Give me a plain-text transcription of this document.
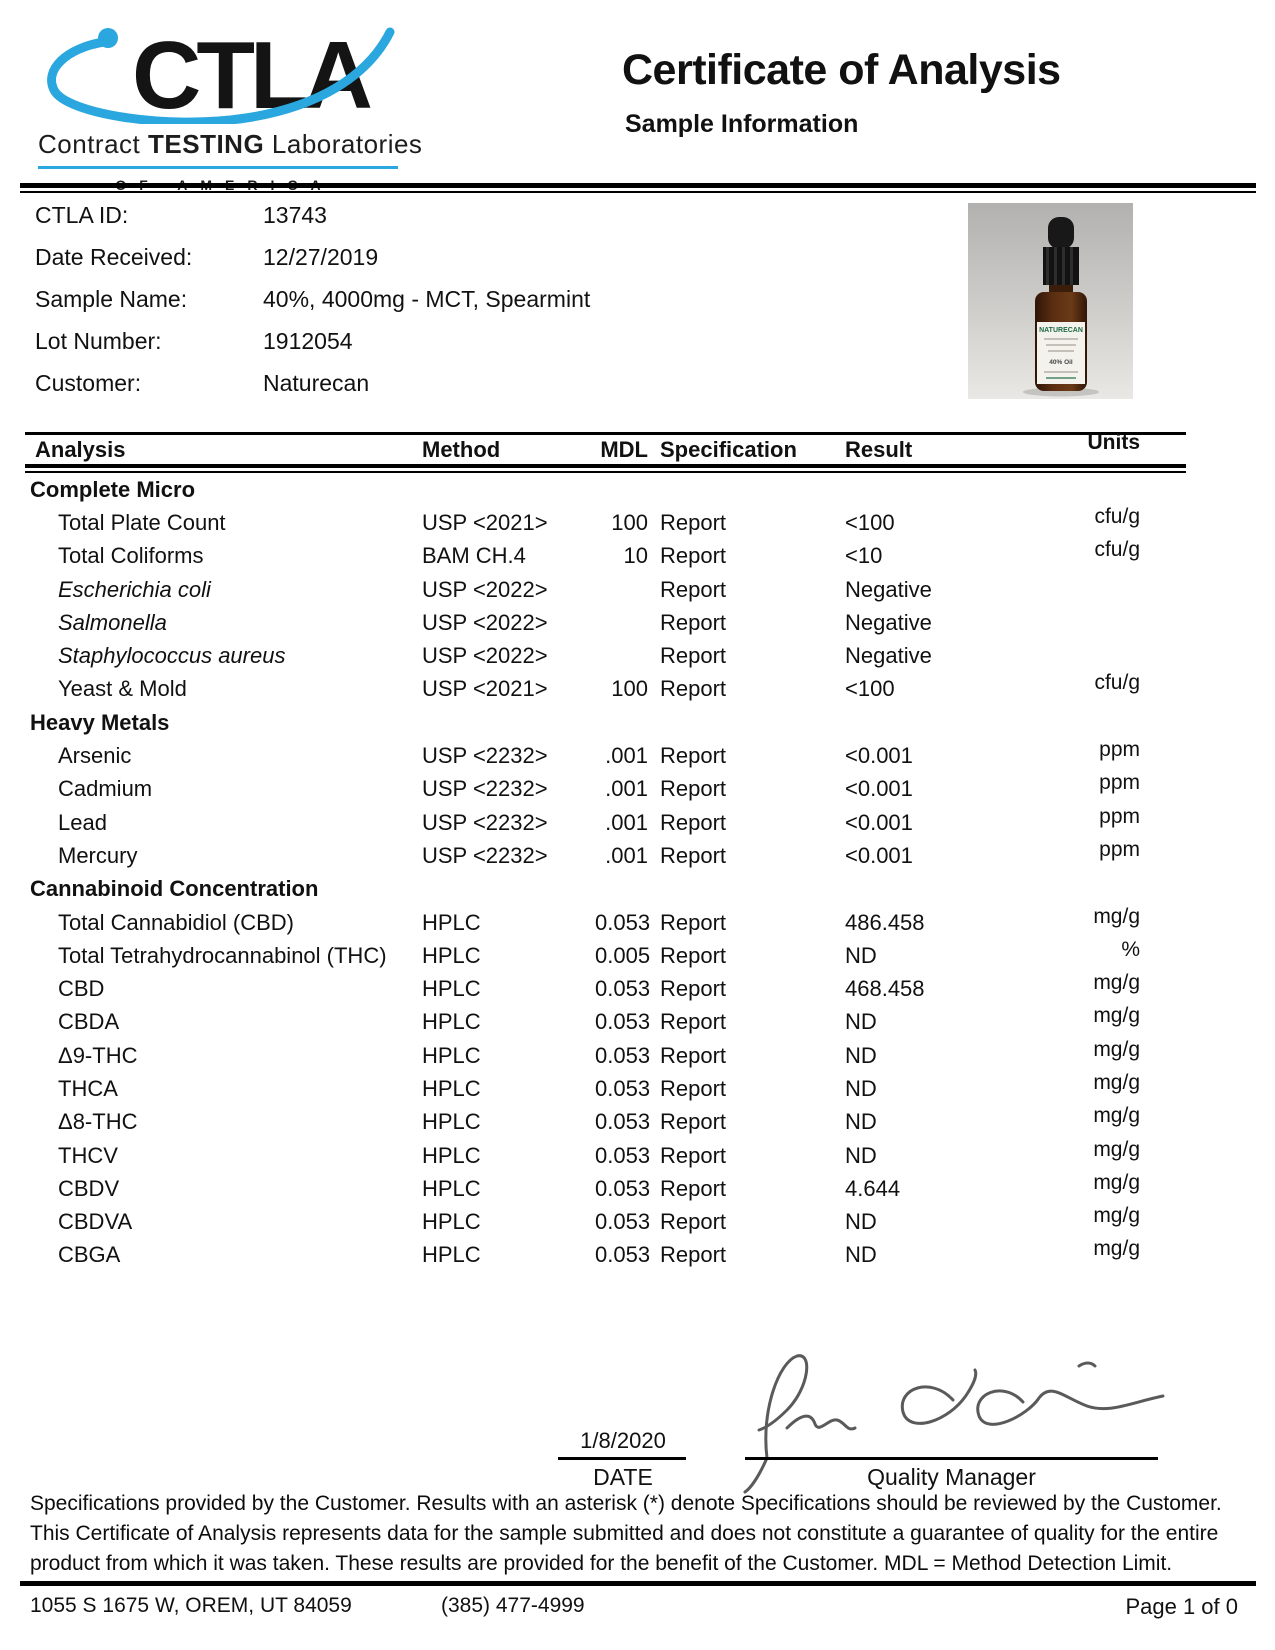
CTLA
Contract TESTING Laboratories
Certificate of Analysis
Sample Information
CTLA ID:	13743
Date Received:	12/27/2019
Sample Name:	40%, 4000mg - MCT, Spearmint
Lot Number:	1912054
Customer:	Naturecan
NATURECAN
40% Oil
Analysis	Method	MDL Specification	Result	Units
Complete Micro
Total Plate Count	USP <2021>	100 Report	<100	cfu/g
Total Coliforms	BAM CH.4	10 Report	<10	cfu/g
Escherichia coli	USP <2022>	Report	Negative
Salmonella	USP <2022>	Report	Negative
Staphylococcus aureus	USP <2022>	Report	Negative
Yeast & Mold	USP <2021>	100 Report	<100	cfu/g
Heavy Metals
Arsenic	USP <2232>	.001 Report	<0.001	ppm
Cadmium	USP <2232>	.001 Report	<0.001	ppm
Lead	USP <2232>	.001 Report	<0.001	ppm
Mercury	USP <2232>	.001 Report	<0.001	ppm
Cannabinoid Concentration
Total Cannabidiol (CBD)	HPLC	0.053 Report	486.458	mg/g
Total Tetrahydrocannabinol (THC)	HPLC	0.005 Report	ND	%
CBD	HPLC	0.053 Report	468.458	mg/g
CBDA	HPLC	0.053 Report	ND	mg/g
Δ9-THC	HPLC	0.053 Report	ND	mg/g
THCA	HPLC	0.053 Report	ND	mg/g
Δ8-THC	HPLC	0.053 Report	ND	mg/g
THCV	HPLC	0.053 Report	ND	mg/g
CBDV	HPLC	0.053 Report	4.644	mg/g
CBDVA	HPLC	0.053 Report	ND	mg/g
CBGA	HPLC	0.053 Report	ND	mg/g
1/8/2020
DATE	Quality Manager
Specifications provided by the Customer. Results with an asterisk (*) denote Specifications should be reviewed by the Customer. This Certificate of Analysis represents data for the sample submitted and does not constitute a guarantee of quality for the entire product from which it was taken. These results are provided for the benefit of the Customer. MDL = Method Detection Limit.
1055 S 1675 W, OREM, UT 84059	(385) 477-4999	Page 1 of 0
